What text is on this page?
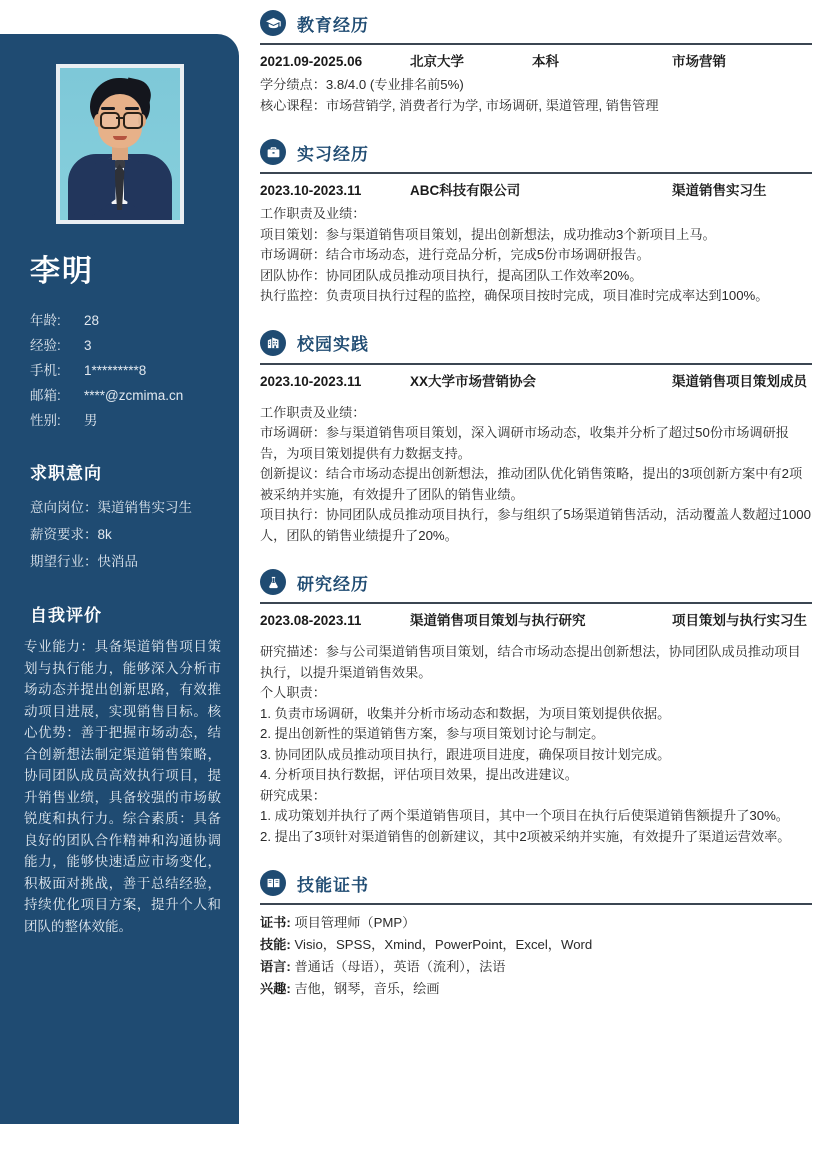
李明
年龄: 28
经验: 3
手机: 1*********8
邮箱: ****@zcmima.cn
性别: 男
求职意向
意向岗位：渠道销售实习生
薪资要求：8k
期望行业：快消品
自我评价
专业能力：具备渠道销售项目策划与执行能力，能够深入分析市场动态并提出创新思路，有效推动项目进展，实现销售目标。核心优势：善于把握市场动态，结合创新想法制定渠道销售策略，协同团队成员高效执行项目，提升销售业绩，具备较强的市场敏锐度和执行力。综合素质：具备良好的团队合作精神和沟通协调能力，能够快速适应市场变化，积极面对挑战，善于总结经验，持续优化项目方案，提升个人和团队的整体效能。
教育经历
2021.09-2025.06	北京大学	本科	市场营销
学分绩点：3.8/4.0 (专业排名前5%)
核心课程：市场营销学, 消费者行为学, 市场调研, 渠道管理, 销售管理
实习经历
2023.10-2023.11	ABC科技有限公司	渠道销售实习生
工作职责及业绩：
项目策划：参与渠道销售项目策划，提出创新想法，成功推动3个新项目上马。
市场调研：结合市场动态，进行竞品分析，完成5份市场调研报告。
团队协作：协同团队成员推动项目执行，提高团队工作效率20%。
执行监控：负责项目执行过程的监控，确保项目按时完成，项目准时完成率达到100%。
校园实践
2023.10-2023.11	XX大学市场营销协会	渠道销售项目策划成员
工作职责及业绩：
市场调研：参与渠道销售项目策划，深入调研市场动态，收集并分析了超过50份市场调研报告，为项目策划提供有力数据支持。
创新提议：结合市场动态提出创新想法，推动团队优化销售策略，提出的3项创新方案中有2项被采纳并实施，有效提升了团队的销售业绩。
项目执行：协同团队成员推动项目执行，参与组织了5场渠道销售活动，活动覆盖人数超过1000人，团队的销售业绩提升了20%。
研究经历
2023.08-2023.11	渠道销售项目策划与执行研究	项目策划与执行实习生
研究描述：参与公司渠道销售项目策划，结合市场动态提出创新想法，协同团队成员推动项目执行，以提升渠道销售效果。
个人职责：
1. 负责市场调研，收集并分析市场动态和数据，为项目策划提供依据。
2. 提出创新性的渠道销售方案，参与项目策划讨论与制定。
3. 协同团队成员推动项目执行，跟进项目进度，确保项目按计划完成。
4. 分析项目执行数据，评估项目效果，提出改进建议。
研究成果：
1. 成功策划并执行了两个渠道销售项目，其中一个项目在执行后使渠道销售额提升了30%。
2. 提出了3项针对渠道销售的创新建议，其中2项被采纳并实施，有效提升了渠道运营效率。
技能证书
证书: 项目管理师（PMP）
技能: Visio，SPSS，Xmind，PowerPoint，Excel，Word
语言: 普通话（母语），英语（流利），法语
兴趣: 吉他，钢琴，音乐，绘画
